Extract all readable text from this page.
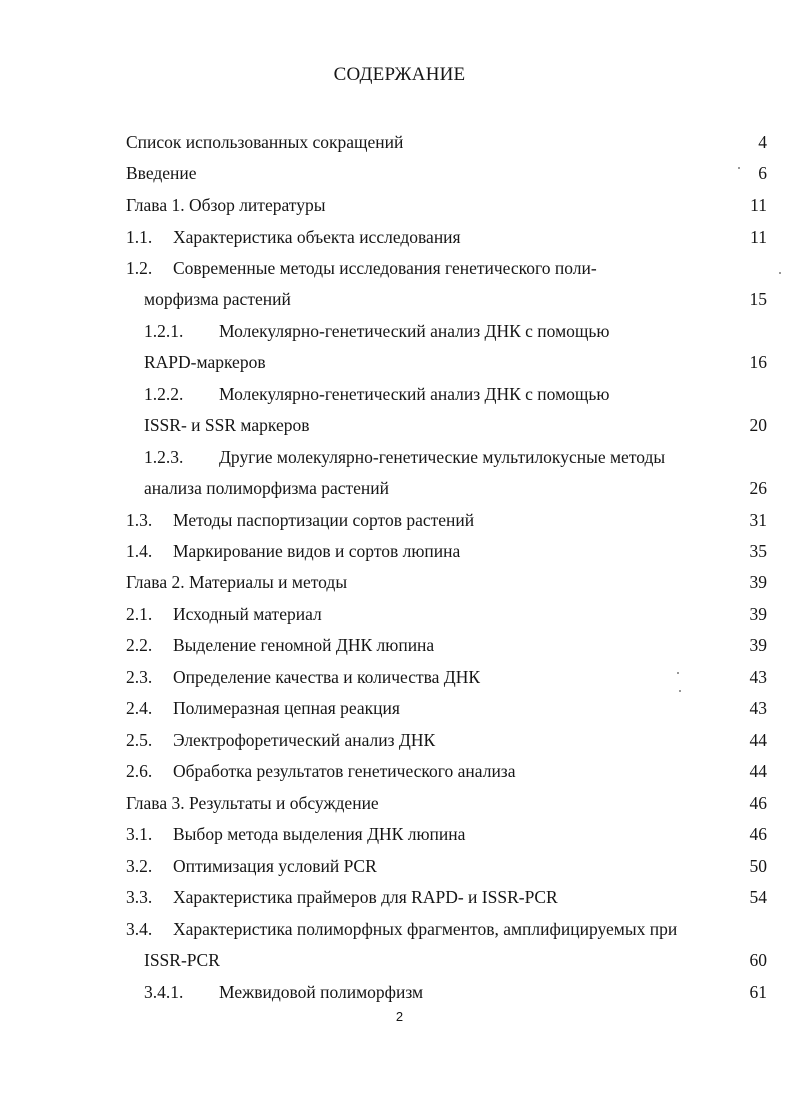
СОДЕРЖАНИЕ
Список использованных сокращений	4
Введение	6
Глава 1. Обзор литературы	11
1.1. Характеристика объекта исследования	11
1.2. Современные методы исследования генетического поли-
морфизма растений	15
1.2.1. Молекулярно-генетический анализ ДНК с помощью
RAPD-маркеров	16
1.2.2. Молекулярно-генетический анализ ДНК с помощью
ISSR- и SSR маркеров	20
1.2.3. Другие молекулярно-генетические мультилокусные методы
анализа полиморфизма растений	26
1.3. Методы паспортизации сортов растений	31
1.4. Маркирование видов и сортов люпина	35
Глава 2. Материалы и методы	39
2.1. Исходный материал	39
2.2. Выделение геномной ДНК люпина	39
2.3. Определение качества и количества ДНК	43
2.4. Полимеразная цепная реакция	43
2.5. Электрофоретический анализ ДНК	44
2.6. Обработка результатов генетического анализа	44
Глава 3. Результаты и обсуждение	46
3.1. Выбор метода выделения ДНК люпина	46
3.2. Оптимизация условий PCR	50
3.3. Характеристика праймеров для RAPD- и ISSR-PCR	54
3.4. Характеристика полиморфных фрагментов, амплифицируемых при
ISSR-PCR	60
3.4.1. Межвидовой полиморфизм	61
2
